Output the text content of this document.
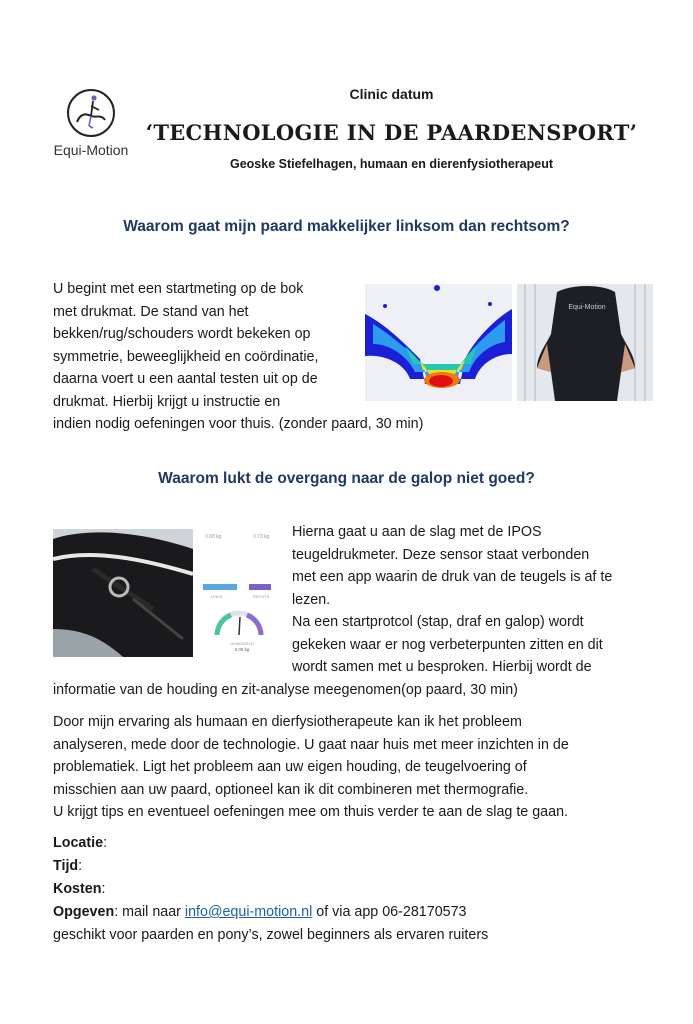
Equi-Motion
Clinic datum
‘TECHNOLOGIE IN DE PAARDENSPORT’
Geoske Stiefelhagen, humaan en dierenfysiotherapeut
Waarom gaat mijn paard makkelijker linksom dan rechtsom?

U begint met een startmeting op de bok

met drukmat. De stand van het

bekken/rug/schouders wordt bekeken op

symmetrie, beweeglijkheid en coördinatie,

daarna voert u een aantal testen uit op de

drukmat. Hierbij krijgt u instructie en

indien nodig oefeningen voor thuis. (zonder paard, 30 min)

Equi-Motion
Waarom lukt de overgang naar de galop niet goed?
0.68 kg	0.73 kg
LINKS	RECHTS
GEMIDDELD
0.05 kg

Hierna gaat u aan de slag met de IPOS

teugeldrukmeter. Deze sensor staat verbonden

met een app waarin de druk van de teugels is af te

lezen.

Na een startprotcol (stap, draf en galop) wordt

gekeken waar er nog verbeterpunten zitten en dit

wordt samen met u besproken. Hierbij wordt de

informatie van de houding en zit-analyse meegenomen(op paard, 30 min)

Door mijn ervaring als humaan en dierfysiotherapeute kan ik het probleem

analyseren, mede door de technologie. U gaat naar huis met meer inzichten in de

problematiek. Ligt het probleem aan uw eigen houding, de teugelvoering of

misschien aan uw paard, optioneel kan ik dit combineren met thermografie.

U krijgt tips en eventueel oefeningen mee om thuis verder te aan de slag te gaan.

Locatie:
Tijd:
Kosten:
Opgeven: mail naar info@equi-motion.nl of via app 06-28170573
geschikt voor paarden en pony’s, zowel beginners als ervaren ruiters
